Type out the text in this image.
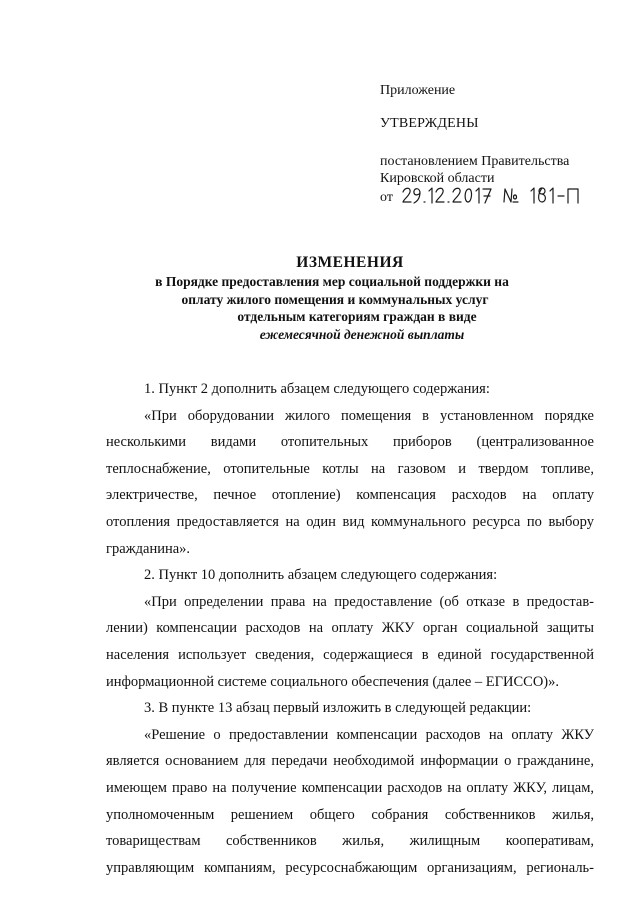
Приложение
УТВЕРЖДЕНЫ
постановлением Правительства
Кировской области
от
ИЗМЕНЕНИЯ
в Порядке предоставления мер социальной поддержки на
оплату жилого помещения и коммунальных услуг
отдельным категориям граждан в виде
ежемесячной денежной выплаты
1. Пункт 2 дополнить абзацем следующего содержания:
«При оборудовании жилого помещения в установленном порядке
несколькими видами отопительных приборов (централизованное
теплоснабжение, отопительные котлы на газовом и твердом топливе,
электричестве, печное отопление) компенсация расходов на оплату
отопления предоставляется на один вид коммунального ресурса по выбору
гражданина».
2. Пункт 10 дополнить абзацем следующего содержания:
«При определении права на предоставление (об отказе в предостав-
лении) компенсации расходов на оплату ЖКУ орган социальной защиты
населения использует сведения, содержащиеся в единой государственной
информационной системе социального обеспечения (далее – ЕГИССО)».
3. В пункте 13 абзац первый изложить в следующей редакции:
«Решение о предоставлении компенсации расходов на оплату ЖКУ
является основанием для передачи необходимой информации о гражданине,
имеющем право на получение компенсации расходов на оплату ЖКУ, лицам,
уполномоченным решением общего собрания собственников жилья,
товариществам собственников жилья, жилищным кооперативам,
управляющим компаниям, ресурсоснабжающим организациям, региональ-
